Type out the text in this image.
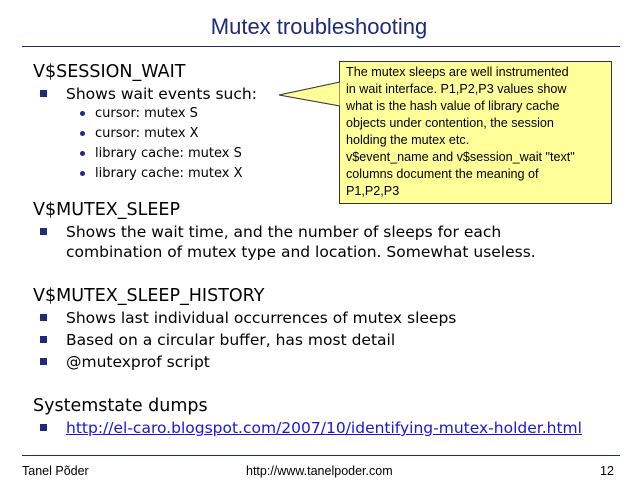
Mutex troubleshooting
V$SESSION_WAIT
Shows wait events such:
cursor: mutex S
cursor: mutex X
library cache: mutex S
library cache: mutex X
V$MUTEX_SLEEP
Shows the wait time, and the number of sleeps for each
combination of mutex type and location. Somewhat useless.
V$MUTEX_SLEEP_HISTORY
Shows last individual occurrences of mutex sleeps
Based on a circular buffer, has most detail
@mutexprof script
Systemstate dumps
http://el-caro.blogspot.com/2007/10/identifying-mutex-holder.html
The mutex sleeps are well instrumented
in wait interface. P1,P2,P3 values show
what is the hash value of library cache
objects under contention, the session
holding the mutex etc.
v$event_name and v$session_wait "text"
columns document the meaning of
P1,P2,P3
Tanel Põder	http://www.tanelpoder.com	12
